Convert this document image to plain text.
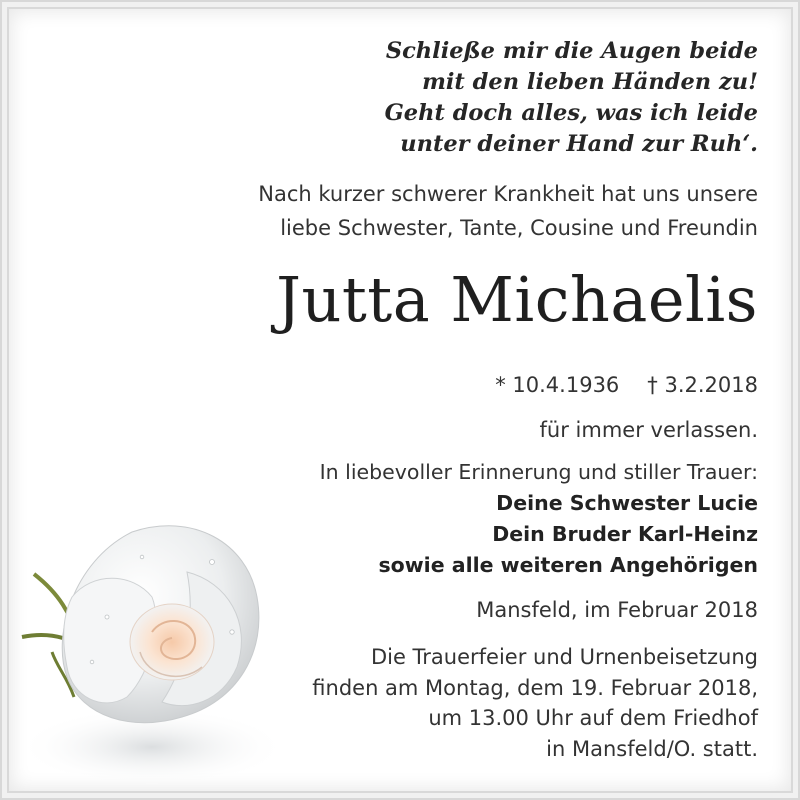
Schließe mir die Augen beide
mit den lieben Händen zu!
Geht doch alles, was ich leide
unter deiner Hand zur Ruh‘.
Nach kurzer schwerer Krankheit hat uns unsere
liebe Schwester, Tante, Cousine und Freundin
Jutta Michaelis
* 10.4.1936 † 3.2.2018
für immer verlassen.
In liebevoller Erinnerung und stiller Trauer:
Deine Schwester Lucie
Dein Bruder Karl-Heinz
sowie alle weiteren Angehörigen
Mansfeld, im Februar 2018
Die Trauerfeier und Urnenbeisetzung
finden am Montag, dem 19. Februar 2018,
um 13.00 Uhr auf dem Friedhof
in Mansfeld/O. statt.
